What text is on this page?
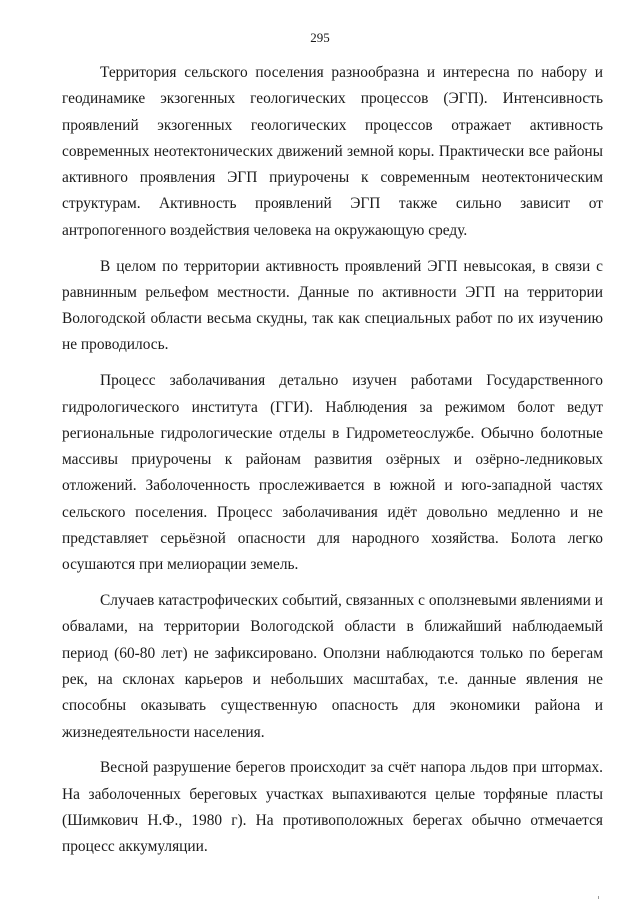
295

Территория сельского поселения разнообразна и интересна по набору и геодинамике экзогенных геологических процессов (ЭГП). Интенсивность проявлений экзогенных геологических процессов отражает активность современных неотектонических движений земной коры. Практически все районы активного проявления ЭГП приурочены к современным неотектоническим структурам. Активность проявлений ЭГП также сильно зависит от антропогенного воздействия человека на окружающую среду.

В целом по территории активность проявлений ЭГП невысокая, в связи с равнинным рельефом местности. Данные по активности ЭГП на территории Вологодской области весьма скудны, так как специальных работ по их изучению не проводилось.

Процесс заболачивания детально изучен работами Государственного гидрологического института (ГГИ). Наблюдения за режимом болот ведут региональные гидрологические отделы в Гидрометеослужбе. Обычно болотные массивы приурочены к районам развития озёрных и озёрно-ледниковых отложений. Заболоченность прослеживается в южной и юго-западной частях сельского поселения. Процесс заболачивания идёт довольно медленно и не представляет серьёзной опасности для народного хозяйства. Болота легко осушаются при мелиорации земель.

Случаев катастрофических событий, связанных с оползневыми явлениями и обвалами, на территории Вологодской области в ближайший наблюдаемый период (60-80 лет) не зафиксировано. Оползни наблюдаются только по берегам рек, на склонах карьеров и небольших масштабах, т.е. данные явления не способны оказывать существенную опасность для экономики района и жизнедеятельности населения.

Весной разрушение берегов происходит за счёт напора льдов при штормах. На заболоченных береговых участках выпахиваются целые торфяные пласты (Шимкович Н.Ф., 1980 г). На противоположных берегах обычно отмечается процесс аккумуляции.
